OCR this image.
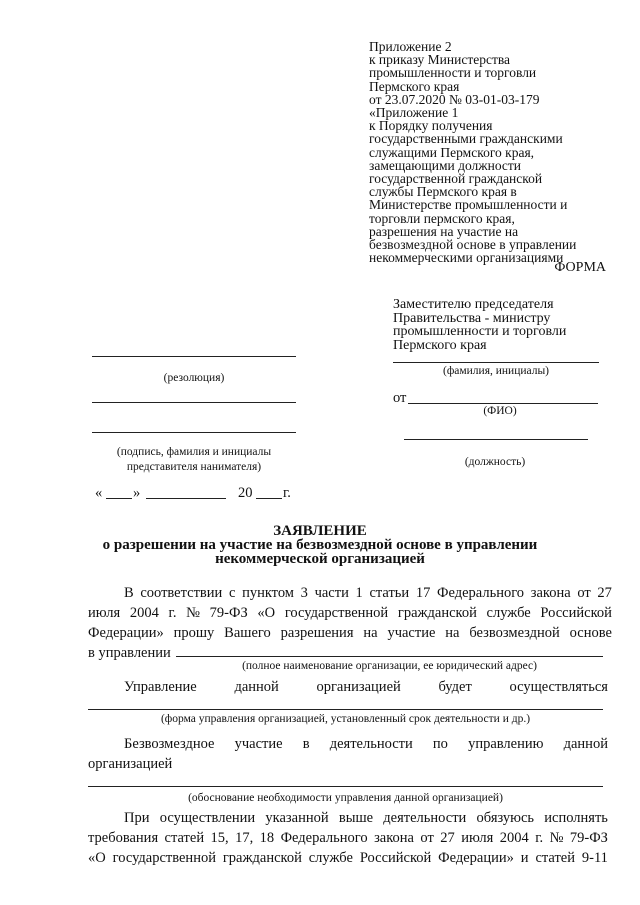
Приложение 2
к приказу Министерства
промышленности и торговли
Пермского края
от 23.07.2020 № 03-01-03-179
«Приложение 1
к Порядку получения
государственными гражданскими
служащими Пермского края,
замещающими должности
государственной гражданской
службы Пермского края в
Министерстве промышленности и
торговли пермского края,
разрешения на участие на
безвозмездной основе в управлении
некоммерческими организациями
ФОРМА
Заместителю председателя
Правительства - министру
промышленности и торговли
Пермского края
(фамилия, инициалы)
от
(ФИО)
(должность)
(резолюция)
(подпись, фамилия и инициалы
представителя нанимателя)
« »	20 г.
ЗАЯВЛЕНИЕ
о разрешении на участие на безвозмездной основе в управлении
некоммерческой организацией
В соответствии с пунктом 3 части 1 статьи 17 Федерального закона от 27
июля 2004 г. № 79-ФЗ «О государственной гражданской службе Российской
Федерации» прошу Вашего разрешения на участие на безвозмездной основе
в управлении
(полное наименование организации, ее юридический адрес)
Управление	данной	организацией	будет	осуществляться
(форма управления организацией, установленный срок деятельности и др.)
Безвозмездное участие в деятельности по управлению данной
организацией
(обоснование необходимости управления данной организацией)
При осуществлении указанной выше деятельности обязуюсь исполнять
требования статей 15, 17, 18 Федерального закона от 27 июля 2004 г. № 79-ФЗ
«О государственной гражданской службе Российской Федерации» и статей 9-11
